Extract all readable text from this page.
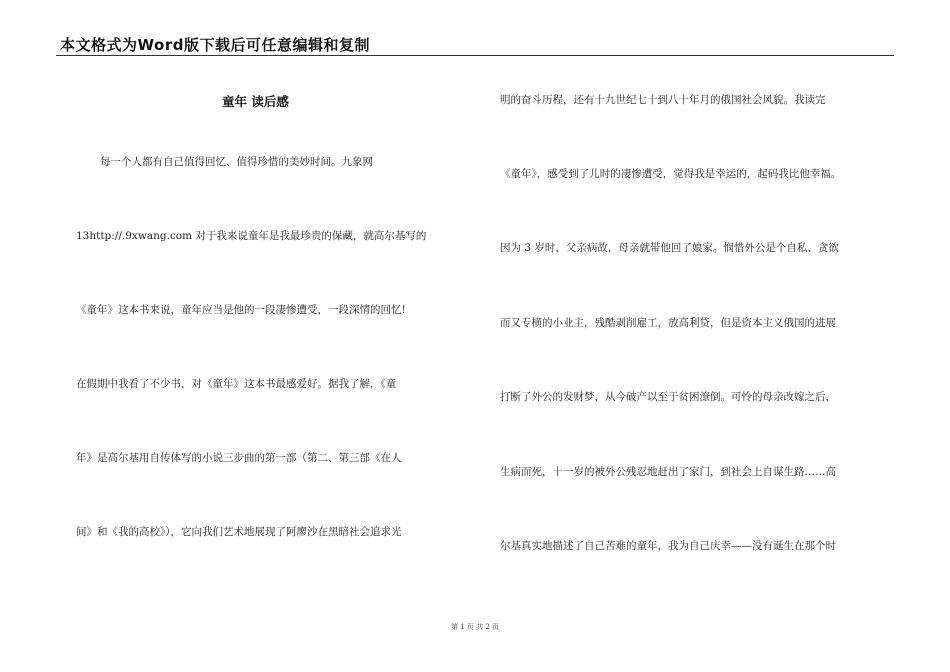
本文格式为Word版下载后可任意编辑和复制
童年 读后感
每一个人都有自己值得回忆、值得珍惜的美妙时间。九象网
13http://.9xwang.com 对于我来说童年是我最珍贵的保藏，就高尔基写的
《童年》这本书来说，童年应当是他的一段凄惨遭受，一段深情的回忆!
在假期中我看了不少书，对《童年》这本书最感爱好。据我了解，《童
年》是高尔基用自传体写的小说三步曲的第一部（第二、第三部《在人
间》和《我的高校》），它向我们艺术地展现了阿廖沙在黑暗社会追求光
明的奋斗历程，还有十九世纪七十到八十年月的俄国社会风貌。我读完
《童年》，感受到了儿时的凄惨遭受，觉得我是幸运的，起码我比他幸福。
因为 3 岁时，父亲病故，母亲就带他回了娘家。悯惜外公是个自私、贪欲
而又专横的小业主，残酷剥削雇工，放高利贷，但是资本主义俄国的进展
打断了外公的发财梦，从今破产以至于贫困潦倒。可怜的母亲改嫁之后，
生病而死，十一岁的被外公残忍地赶出了家门，到社会上自谋生路……高
尔基真实地描述了自己苦难的童年，我为自己庆幸——没有诞生在那个时
第 1 页 共 2 页
